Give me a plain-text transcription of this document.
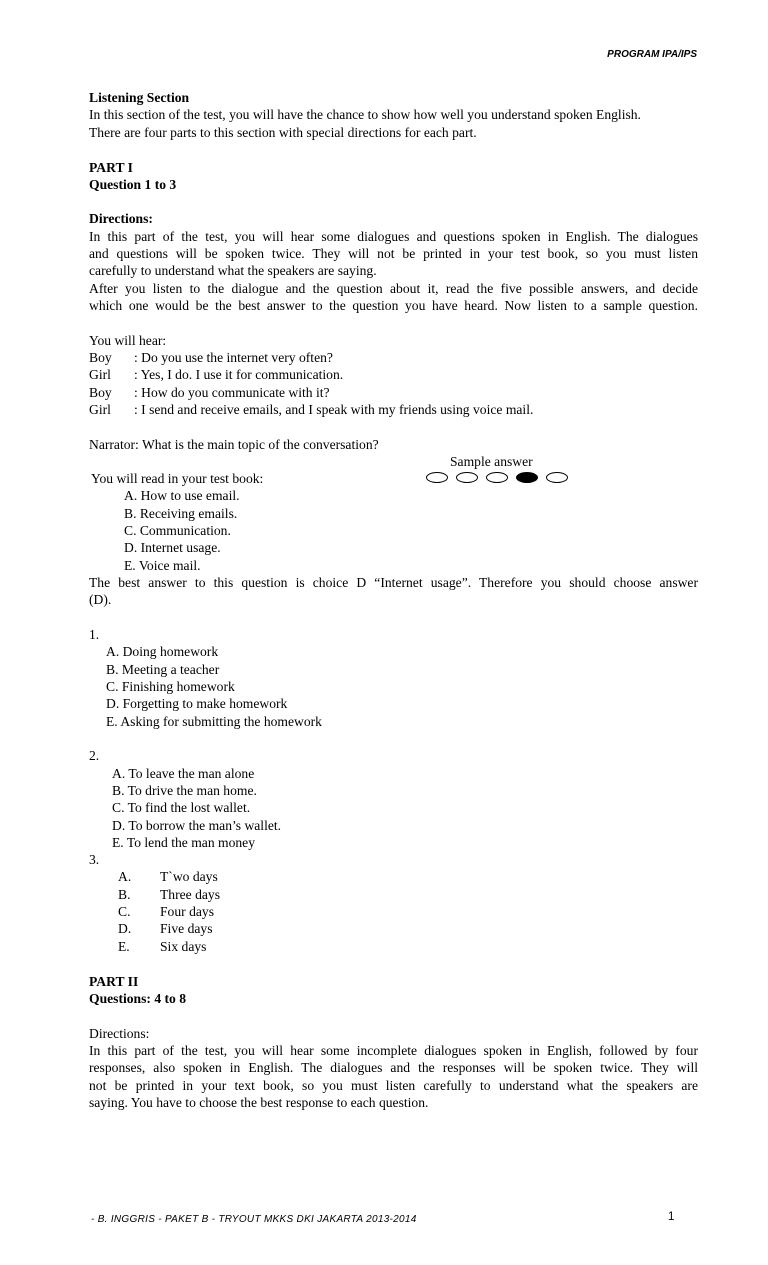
PROGRAM IPA/IPS
Listening Section
In this section of the test, you will have the chance to show how well you understand spoken English.
There are four parts to this section with special directions for each part.
PART I
Question 1 to 3
Directions:
In this part of the test, you will hear some dialogues and questions spoken in English. The dialogues
and questions will be spoken twice. They will not be printed in your test book, so you must listen
carefully to understand what the speakers are saying.
After you listen to the dialogue and the question about it, read the five possible answers, and decide
which one would be the best answer to the question you have heard. Now listen to a sample question.
You will hear:
Boy : Do you use the internet very often?
Girl : Yes, I do. I use it for communication.
Boy : How do you communicate with it?
Girl : I send and receive emails, and I speak with my friends using voice mail.
Narrator: What is the main topic of the conversation?
Sample answer
You will read in your test book:
A. How to use email.
B. Receiving emails.
C. Communication.
D. Internet usage.
E. Voice mail.
The best answer to this question is choice D “Internet usage”. Therefore you should choose answer
(D).
1.
A. Doing homework
B. Meeting a teacher
C. Finishing homework
D. Forgetting to make homework
E. Asking for submitting the homework
2.
A. To leave the man alone
B. To drive the man home.
C. To find the lost wallet.
D. To borrow the man’s wallet.
E. To lend the man money
3.
A. T`wo days
B. Three days
C. Four days
D. Five days
E. Six days
PART II
Questions: 4 to 8
Directions:
In this part of the test, you will hear some incomplete dialogues spoken in English, followed by four
responses, also spoken in English. The dialogues and the responses will be spoken twice. They will
not be printed in your text book, so you must listen carefully to understand what the speakers are
saying. You have to choose the best response to each question.
- B. INGGRIS - PAKET B - TRYOUT MKKS DKI JAKARTA 2013-2014	1
